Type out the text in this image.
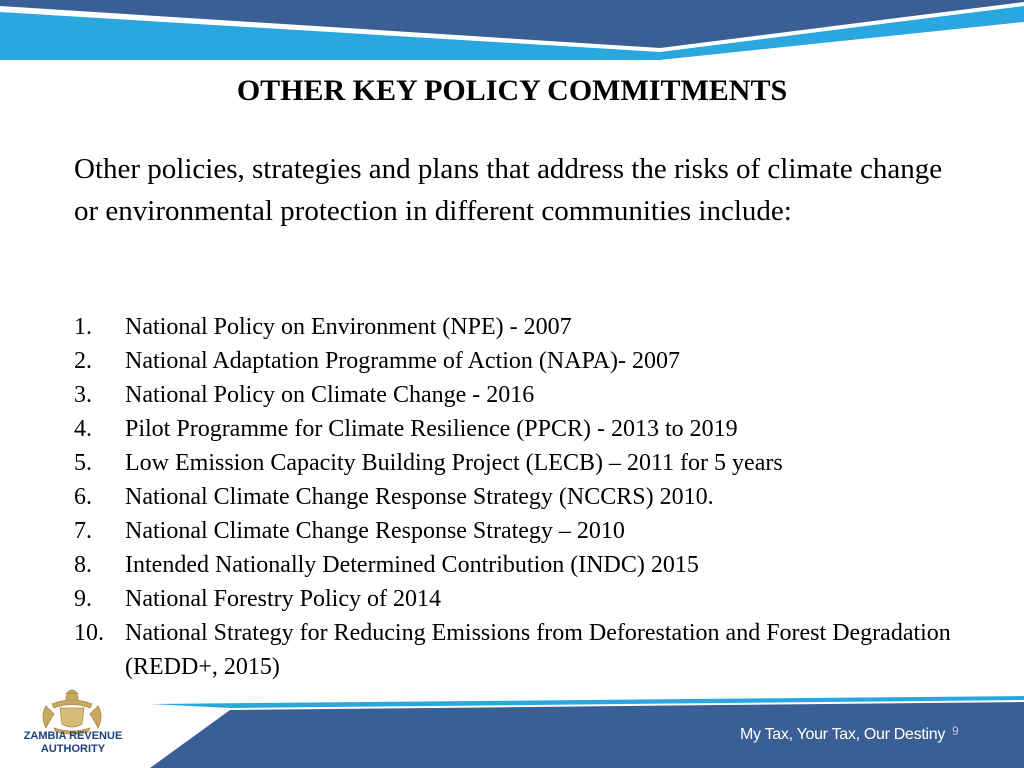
OTHER KEY POLICY COMMITMENTS

Other policies, strategies and plans that address the risks of climate change or environmental protection in different communities include:

1.	National Policy on Environment (NPE) - 2007
2.	National Adaptation Programme of Action (NAPA)- 2007
3.	National Policy on Climate Change - 2016
4.	Pilot Programme for Climate Resilience (PPCR) - 2013 to 2019
5.	Low Emission Capacity Building Project (LECB) – 2011 for 5 years
6.	National Climate Change Response Strategy (NCCRS) 2010.
7.	National Climate Change Response Strategy – 2010
8.	Intended Nationally Determined Contribution (INDC) 2015
9.	National Forestry Policy of 2014
10. National Strategy for Reducing Emissions from Deforestation and Forest Degradation (REDD+, 2015)
ZAMBIA REVENUE
AUTHORITY
My Tax, Your Tax, Our Destiny 9
